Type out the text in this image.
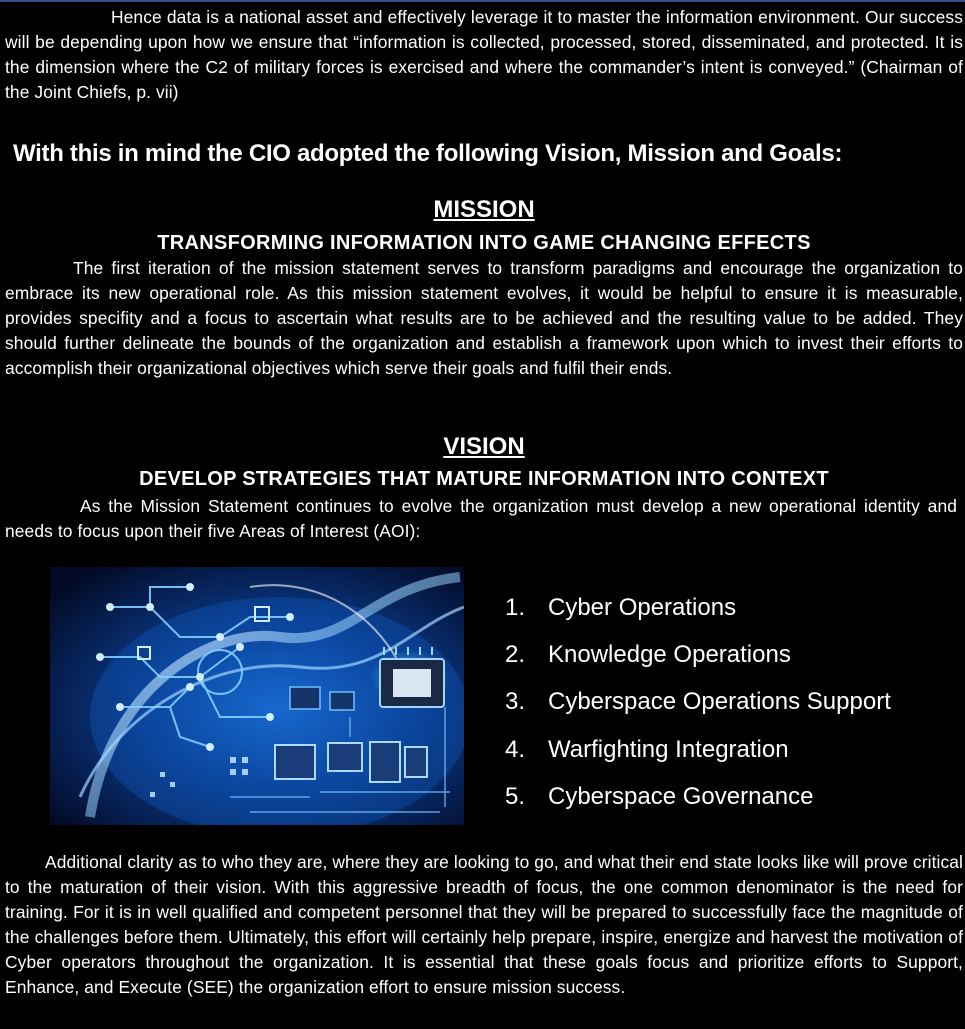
Hence data is a national asset and effectively leverage it to master the information environment. Our success will be depending upon how we ensure that “information is collected, processed, stored, disseminated, and protected. It is the dimension where the C2 of military forces is exercised and where the commander’s intent is conveyed.” (Chairman of the Joint Chiefs, p. vii)

With this in mind the CIO adopted the following Vision, Mission and Goals:
MISSION
TRANSFORMING INFORMATION INTO GAME CHANGING EFFECTS

The first iteration of the mission statement serves to transform paradigms and encourage the organization to embrace its new operational role. As this mission statement evolves, it would be helpful to ensure it is measurable, provides specifity and a focus to ascertain what results are to be achieved and the resulting value to be added. They should further delineate the bounds of the organization and establish a framework upon which to invest their efforts to accomplish their organizational objectives which serve their goals and fulfil their ends.

VISION
DEVELOP STRATEGIES THAT MATURE INFORMATION INTO CONTEXT

As the Mission Statement continues to evolve the organization must develop a new operational identity and needs to focus upon their five Areas of Interest (AOI):

1. Cyber Operations
2. Knowledge Operations
3. Cyberspace Operations Support
4. Warfighting Integration
5. Cyberspace Governance

Additional clarity as to who they are, where they are looking to go, and what their end state looks like will prove critical to the maturation of their vision. With this aggressive breadth of focus, the one common denominator is the need for training. For it is in well qualified and competent personnel that they will be prepared to successfully face the magnitude of the challenges before them. Ultimately, this effort will certainly help prepare, inspire, energize and harvest the motivation of Cyber operators throughout the organization. It is essential that these goals focus and prioritize efforts to Support, Enhance, and Execute (SEE) the organization effort to ensure mission success.
